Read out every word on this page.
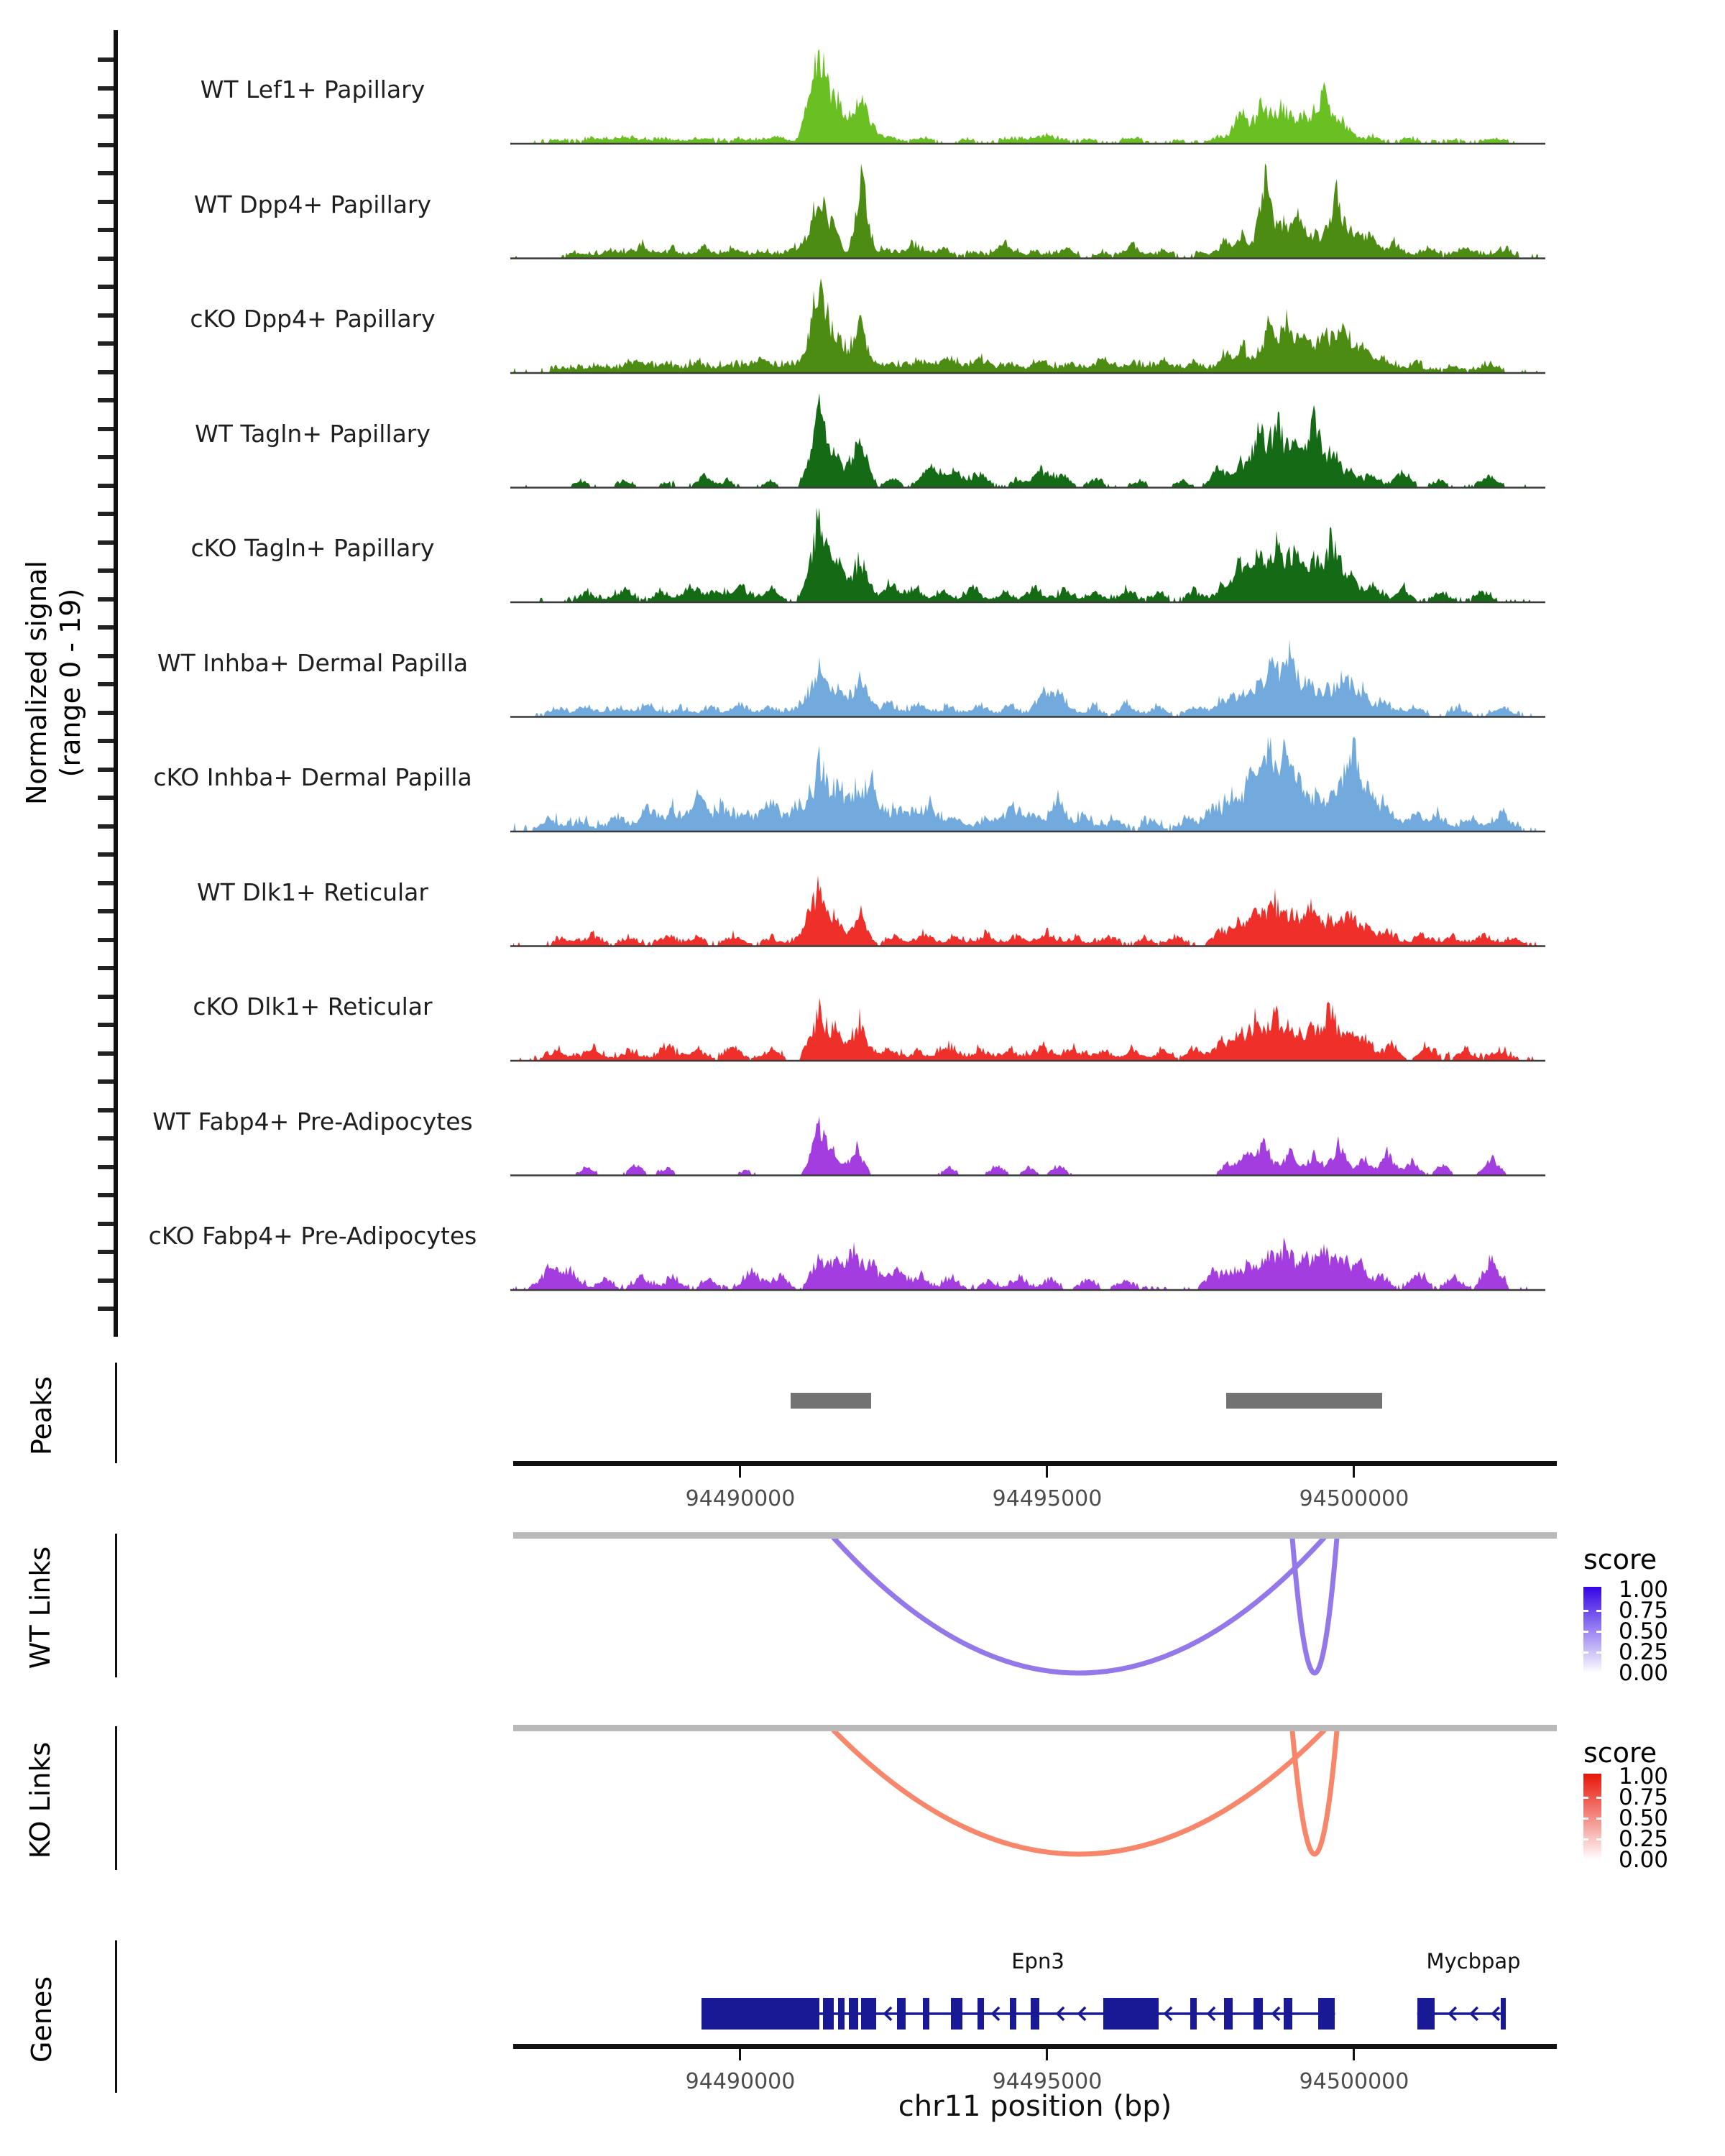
Normalized signal (range 0 - 19)
WT Lef1+ Papillary
WT Dpp4+ Papillary
cKO Dpp4+ Papillary
WT Tagln+ Papillary
cKO Tagln+ Papillary
WT Inhba+ Dermal Papilla
cKO Inhba+ Dermal Papilla
WT Dlk1+ Reticular
cKO Dlk1+ Reticular
WT Fabp4+ Pre-Adipocytes
cKO Fabp4+ Pre-Adipocytes
Peaks
94490000	94495000	94500000
WT Links	score
1.00
0.75
0.50
0.25
0.00
KO Links	score
1.00
0.75
0.50
0.25
0.00
Genes
Epn3	Mycbpap
94490000	94495000	94500000
chr11 position (bp)
